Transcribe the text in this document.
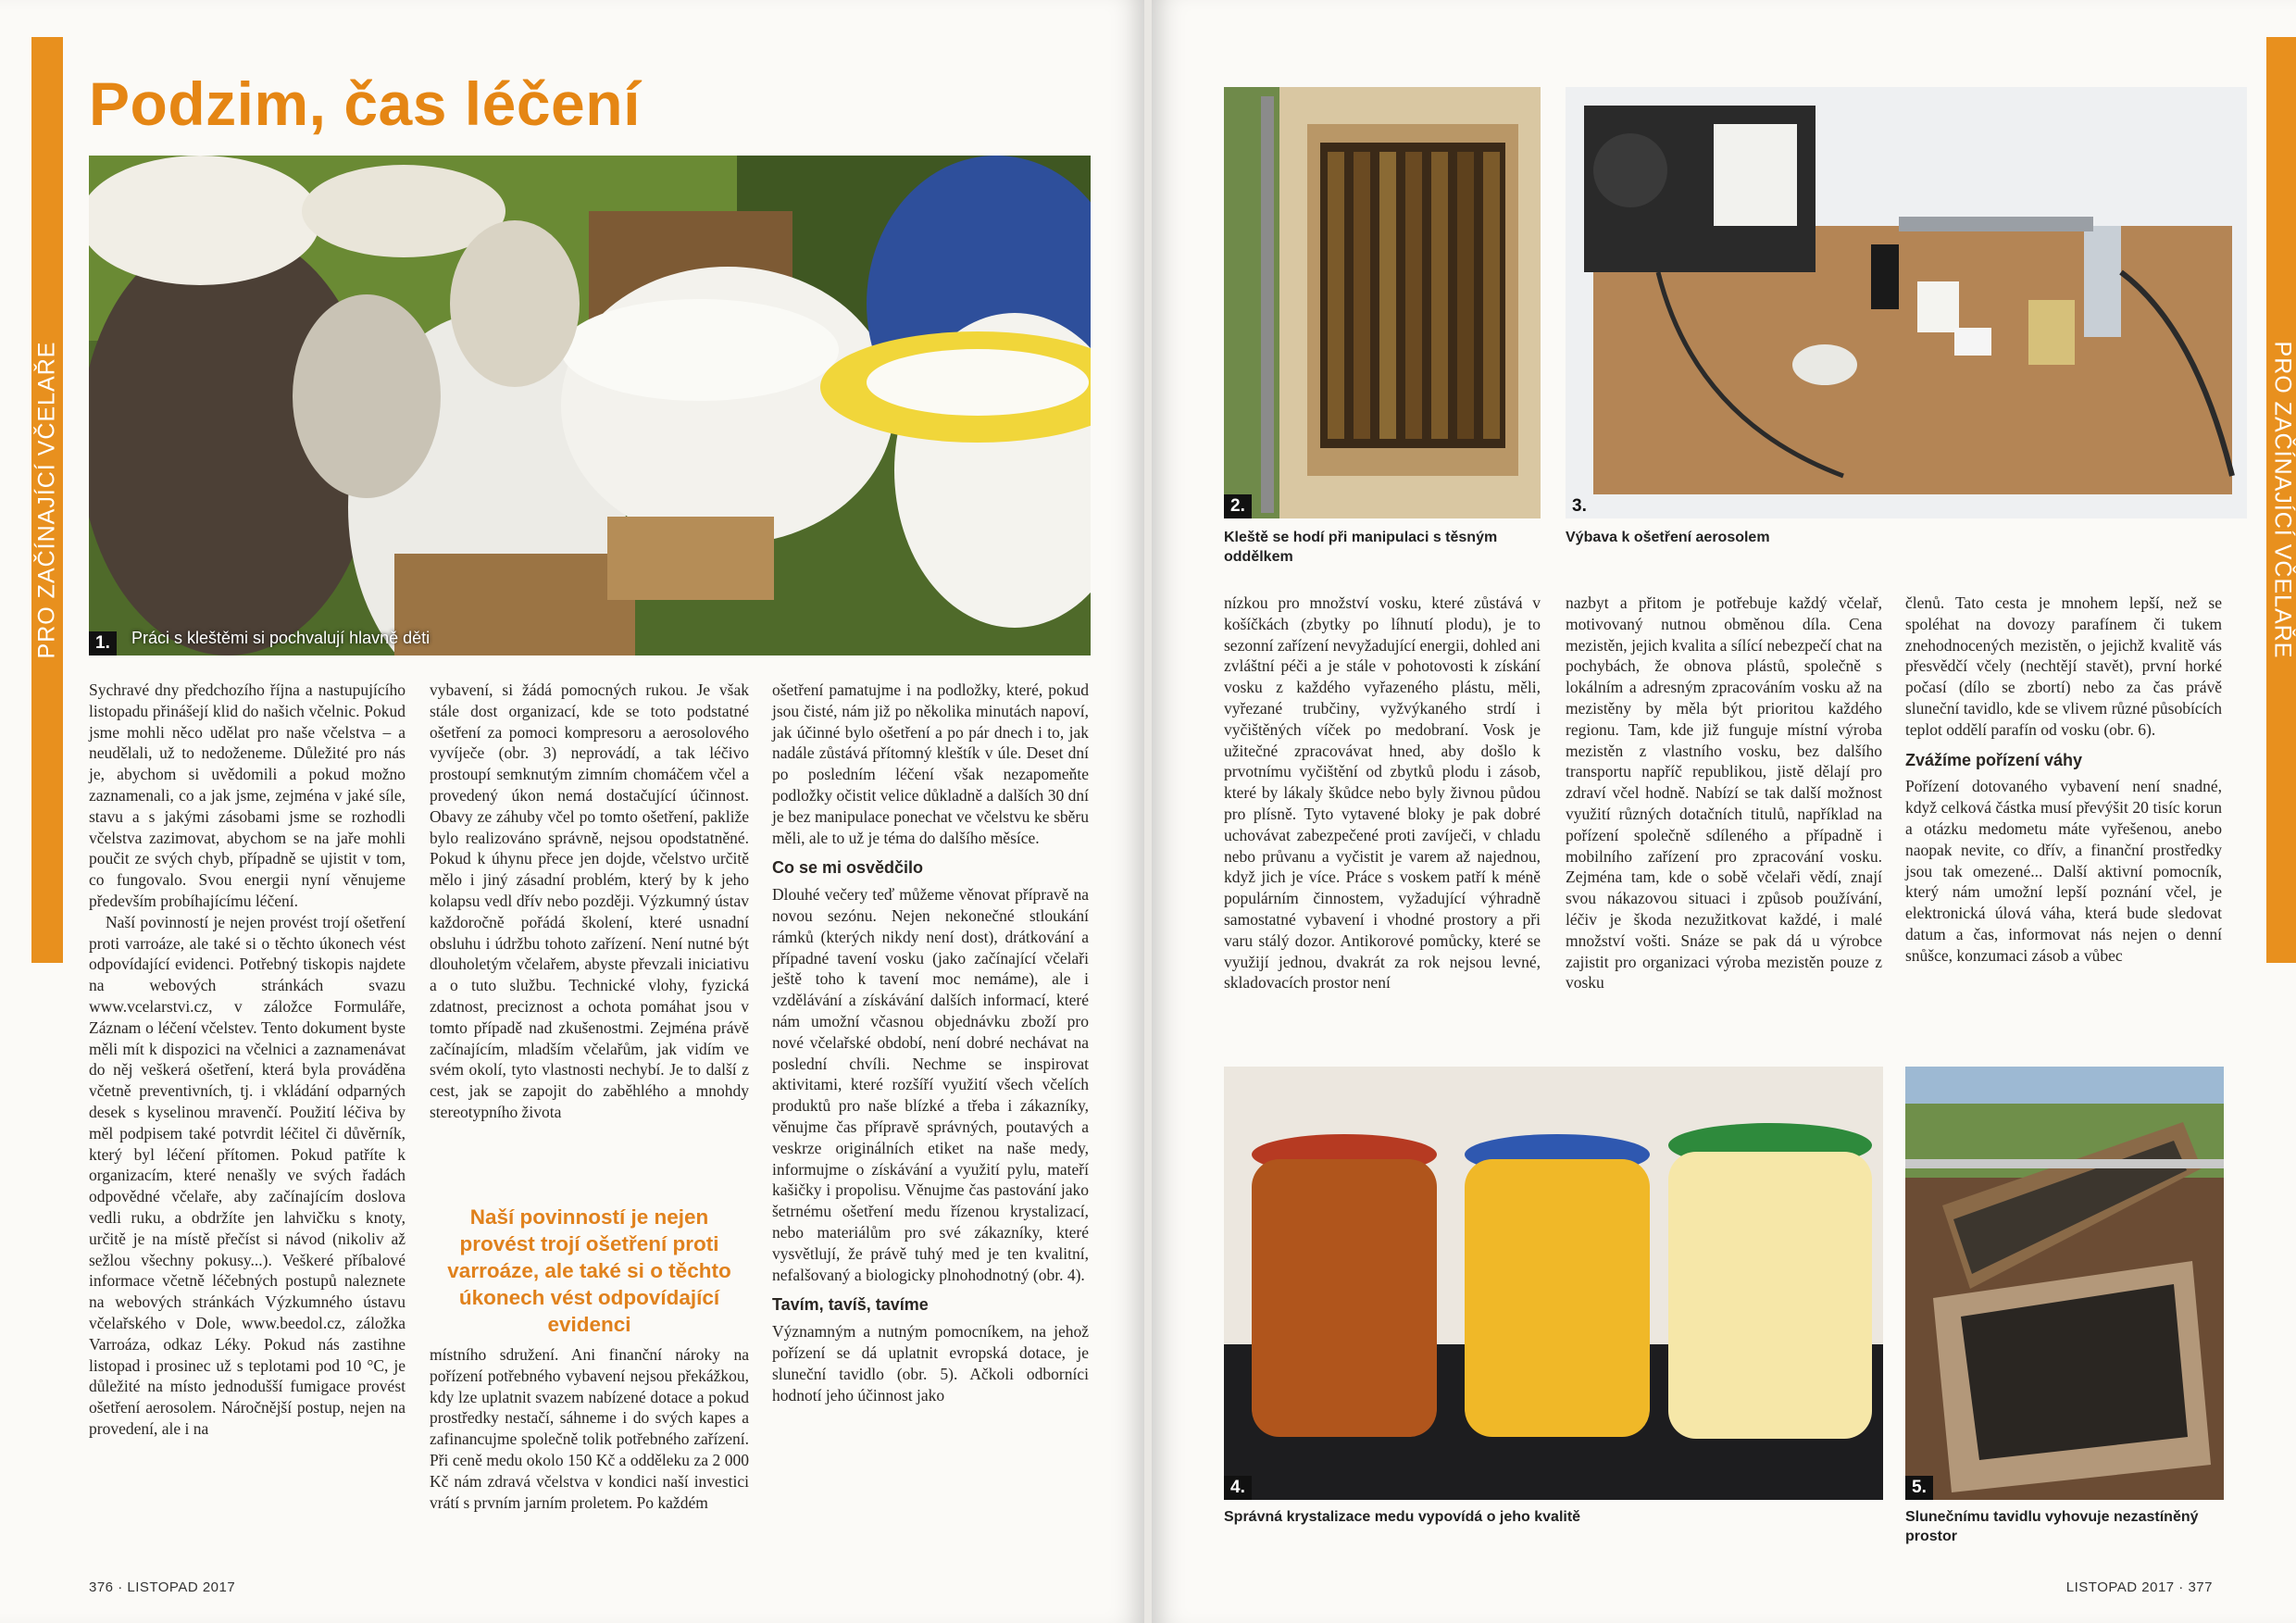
PRO ZAČÍNAJÍCÍ VČELAŘE
Podzim, čas léčení
1.	Práci s kleštěmi si pochvalují hlavně děti

Sychravé dny předchozího října a nastupujícího listopadu přinášejí klid do našich včelnic. Pokud jsme mohli něco udělat pro naše včelstva – a neudělali, už to nedoženeme. Důležité pro nás je, abychom si uvědomili a pokud možno zaznamenali, co a jak jsme, zejména v jaké síle, stavu a s jakými zásobami jsme se rozhodli včelstva zazimovat, abychom se na jaře mohli poučit ze svých chyb, případně se ujistit v tom, co fungovalo. Svou energii nyní věnujeme především probíhajícímu léčení.

Naší povinností je nejen provést trojí ošetření proti varroáze, ale také si o těchto úkonech vést odpovídající evidenci. Potřebný tiskopis najdete na webových stránkách svazu www.vcelarstvi.cz, v záložce Formuláře, Záznam o léčení včelstev. Tento dokument byste měli mít k dispozici na včelnici a zaznamenávat do něj veškerá ošetření, která byla prováděna včetně preventivních, tj. i vkládání odparných desek s kyselinou mravenčí. Použití léčiva by měl podpisem také potvrdit léčitel či důvěrník, který byl léčení přítomen. Pokud patříte k organizacím, které nenašly ve svých řadách odpovědné včelaře, aby začínajícím doslova vedli ruku, a obdržíte jen lahvičku s knoty, určitě je na místě přečíst si návod (nikoliv až sežlou všechny pokusy...). Veškeré příbalové informace včetně léčebných postupů naleznete na webových stránkách Výzkumného ústavu včelařského v Dole, www.beedol.cz, záložka Varroáza, odkaz Léky. Pokud nás zastihne listopad i prosinec už s teplotami pod 10 °C, je důležité na místo jednodušší fumigace provést ošetření aerosolem. Náročnější postup, nejen na provedení, ale i na

vybavení, si žádá pomocných rukou. Je však stále dost organizací, kde se toto podstatné ošetření za pomoci kompresoru a aerosolového vyvíječe (obr. 3) neprovádí, a tak léčivo prostoupí semknutým zimním chomáčem včel a provedený úkon nemá dostačující účinnost. Obavy ze záhuby včel po tomto ošetření, pakliže bylo realizováno správně, nejsou opodstatněné. Pokud k úhynu přece jen dojde, včelstvo určitě mělo i jiný zásadní problém, který by k jeho kolapsu vedl dřív nebo později. Výzkumný ústav každoročně pořádá školení, které usnadní obsluhu i údržbu tohoto zařízení. Není nutné být dlouholetým včelařem, abyste převzali iniciativu a o tuto službu. Technické vlohy, fyzická zdatnost, preciznost a ochota pomáhat jsou v tomto případě nad zkušenostmi. Zejména právě začínajícím, mladším včelařům, jak vidím ve svém okolí, tyto vlastnosti nechybí. Je to další z cest, jak se zapojit do zaběhlého a mnohdy stereotypního života

Naší povinností je nejen provést trojí ošetření proti varroáze, ale také si o těchto úkonech vést odpovídající evidenci

místního sdružení. Ani finanční nároky na pořízení potřebného vybavení nejsou překážkou, kdy lze uplatnit svazem nabízené dotace a pokud prostředky nestačí, sáhneme i do svých kapes a zafinancujme společně tolik potřebného zařízení. Při ceně medu okolo 150 Kč a odděleku za 2 000 Kč nám zdravá včelstva v kondici naší investici vrátí s prvním jarním proletem. Po každém

ošetření pamatujme i na podložky, které, pokud jsou čisté, nám již po několika minutách napoví, jak účinné bylo ošetření a po pár dnech i to, jak nadále zůstává přítomný kleštík v úle. Deset dní po posledním léčení však nezapomeňte podložky očistit velice důkladně a dalších 30 dní je bez manipulace ponechat ve včelstvu ke sběru měli, ale to už je téma do dalšího měsíce.

Co se mi osvědčilo

Dlouhé večery teď můžeme věnovat přípravě na novou sezónu. Nejen nekonečné stloukání rámků (kterých nikdy není dost), drátkování a případné tavení vosku (jako začínající včelaři ještě toho k tavení moc nemáme), ale i vzdělávání a získávání dalších informací, které nám umožní včasnou objednávku zboží pro nové včelařské období, není dobré nechávat na poslední chvíli. Nechme se inspirovat aktivitami, které rozšíří využití všech včelích produktů pro naše blízké a třeba i zákazníky, věnujme čas přípravě správných, poutavých a veskrze originálních etiket na naše medy, informujme o získávání a využití pylu, mateří kašičky i propolisu. Věnujme čas pastování jako šetrnému ošetření medu řízenou krystalizací, nebo materiálům pro své zákazníky, které vysvětlují, že právě tuhý med je ten kvalitní, nefalšovaný a biologicky plnohodnotný (obr. 4).

Tavím, tavíš, tavíme

Významným a nutným pomocníkem, na jehož pořízení se dá uplatnit evropská dotace, je sluneční tavidlo (obr. 5). Ačkoli odborníci hodnotí jeho účinnost jako

376 · LISTOPAD 2017
PRO ZAČÍNAJÍCÍ VČELAŘE
2.
Kleště se hodí při manipulaci s těsným oddělkem
3.
Výbava k ošetření aerosolem

nízkou pro množství vosku, které zůstává v košíčkách (zbytky po líhnutí plodu), je to sezonní zařízení nevyžadující energii, dohled ani zvláštní péči a je stále v pohotovosti k získání vosku z každého vyřazeného plástu, měli, vyřezané trubčiny, vyžvýkaného strdí i vyčištěných víček po medobraní. Vosk je užitečné zpracovávat hned, aby došlo k prvotnímu vyčištění od zbytků plodu i zásob, které by lákaly škůdce nebo byly živnou půdou pro plísně. Tyto vytavené bloky je pak dobré uchovávat zabezpečené proti zavíječi, v chladu nebo průvanu a vyčistit je varem až najednou, když jich je více. Práce s voskem patří k méně populárním činnostem, vyžadující výhradně samostatné vybavení i vhodné prostory a při varu stálý dozor. Antikorové pomůcky, které se využijí jednou, dvakrát za rok nejsou levné, skladovacích prostor není

nazbyt a přitom je potřebuje každý včelař, motivovaný nutnou obměnou díla. Cena mezistěn, jejich kvalita a sílící nebezpečí chat na pochybách, že obnova plástů, společně s lokálním a adresným zpracováním vosku až na mezistěny by měla být prioritou každého regionu. Tam, kde již funguje místní výroba mezistěn z vlastního vosku, bez dalšího transportu napříč republikou, jistě dělají pro zdraví včel hodně. Nabízí se tak další možnost využití různých dotačních titulů, například na pořízení společně sdíleného a případně i mobilního zařízení pro zpracování vosku. Zejména tam, kde o sobě včelaři vědí, znají svou nákazovou situaci i způsob používání, léčiv je škoda nezužitkovat každé, i malé množství vošti. Snáze se pak dá u výrobce zajistit pro organizaci výroba mezistěn pouze z vosku

členů. Tato cesta je mnohem lepší, než se spoléhat na dovozy parafínem či tukem znehodnocených mezistěn, o jejichž kvalitě vás přesvědčí včely (nechtějí stavět), první horké počasí (dílo se zbortí) nebo za čas právě sluneční tavidlo, kde se vlivem různé působících teplot oddělí parafín od vosku (obr. 6).

Zvážíme pořízení váhy

Pořízení dotovaného vybavení není snadné, když celková částka musí převýšit 20 tisíc korun a otázku medometu máte vyřešenou, anebo naopak nevite, co dřív, a finanční prostředky jsou tak omezené... Další aktivní pomocník, který nám umožní lepší poznání včel, je elektronická úlová váha, která bude sledovat datum a čas, informovat nás nejen o denní snůšce, konzumaci zásob a vůbec

4.
Správná krystalizace medu vypovídá o jeho kvalitě
5.
Slunečnímu tavidlu vyhovuje nezastíněný prostor
LISTOPAD 2017 · 377
